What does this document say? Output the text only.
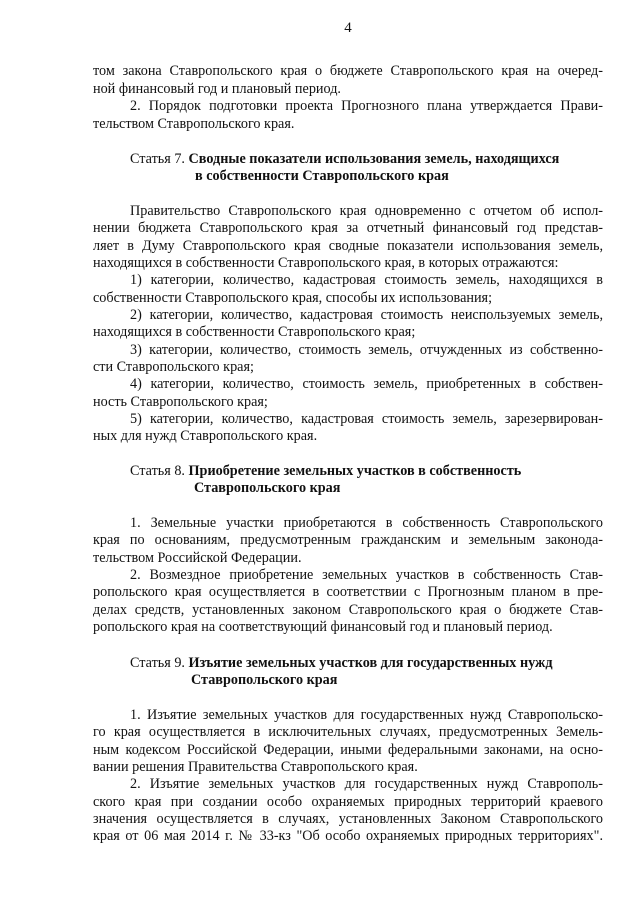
4
том закона Ставропольского края о бюджете Ставропольского края на очеред-
ной финансовый год и плановый период.
2. Порядок подготовки проекта Прогнозного плана утверждается Прави-
тельством Ставропольского края.
Статья 7. Сводные показатели использования земель, находящихся
в собственности Ставропольского края
Правительство Ставропольского края одновременно с отчетом об испол-
нении бюджета Ставропольского края за отчетный финансовый год представ-
ляет в Думу Ставропольского края сводные показатели использования земель,
находящихся в собственности Ставропольского края, в которых отражаются:
1) категории, количество, кадастровая стоимость земель, находящихся в
собственности Ставропольского края, способы их использования;
2) категории, количество, кадастровая стоимость неиспользуемых земель,
находящихся в собственности Ставропольского края;
3) категории, количество, стоимость земель, отчужденных из собственно-
сти Ставропольского края;
4) категории, количество, стоимость земель, приобретенных в собствен-
ность Ставропольского края;
5) категории, количество, кадастровая стоимость земель, зарезервирован-
ных для нужд Ставропольского края.
Статья 8. Приобретение земельных участков в собственность
Ставропольского края
1. Земельные участки приобретаются в собственность Ставропольского
края по основаниям, предусмотренным гражданским и земельным законода-
тельством Российской Федерации.
2. Возмездное приобретение земельных участков в собственность Став-
ропольского края осуществляется в соответствии с Прогнозным планом в пре-
делах средств, установленных законом Ставропольского края о бюджете Став-
ропольского края на соответствующий финансовый год и плановый период.
Статья 9. Изъятие земельных участков для государственных нужд
Ставропольского края
1. Изъятие земельных участков для государственных нужд Ставропольско-
го края осуществляется в исключительных случаях, предусмотренных Земель-
ным кодексом Российской Федерации, иными федеральными законами, на осно-
вании решения Правительства Ставропольского края.
2. Изъятие земельных участков для государственных нужд Ставрополь-
ского края при создании особо охраняемых природных территорий краевого
значения осуществляется в случаях, установленных Законом Ставропольского
края от 06 мая 2014 г. № 33-кз "Об особо охраняемых природных территориях".
